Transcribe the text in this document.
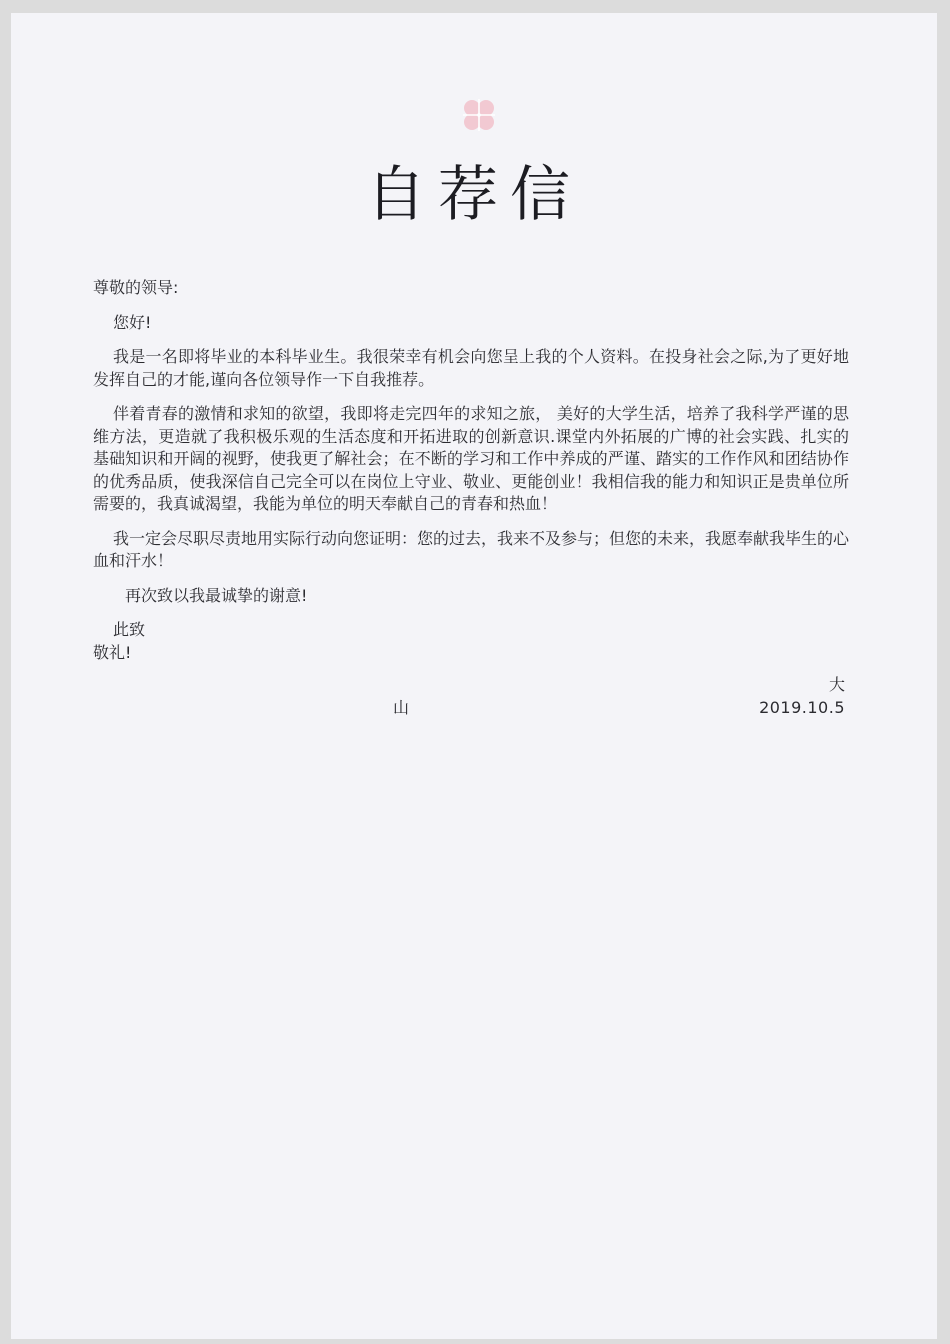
自荐信

尊敬的领导:

您好!

我是一名即将毕业的本科毕业生。我很荣幸有机会向您呈上我的个人资料。在投身社会之际,为了更好地发挥自己的才能,谨向各位领导作一下自我推荐。

伴着青春的激情和求知的欲望，我即将走完四年的求知之旅， 美好的大学生活，培养了我科学严谨的思维方法，更造就了我积极乐观的生活态度和开拓进取的创新意识.课堂内外拓展的广博的社会实践、扎实的基础知识和开阔的视野，使我更了解社会；在不断的学习和工作中养成的严谨、踏实的工作作风和团结协作的优秀品质，使我深信自己完全可以在岗位上守业、敬业、更能创业！我相信我的能力和知识正是贵单位所需要的，我真诚渴望，我能为单位的明天奉献自己的青春和热血！

我一定会尽职尽责地用实际行动向您证明：您的过去，我来不及参与；但您的未来，我愿奉献我毕生的心血和汗水！

再次致以我最诚挚的谢意!

此致

敬礼!

大
山	2019.10.5
